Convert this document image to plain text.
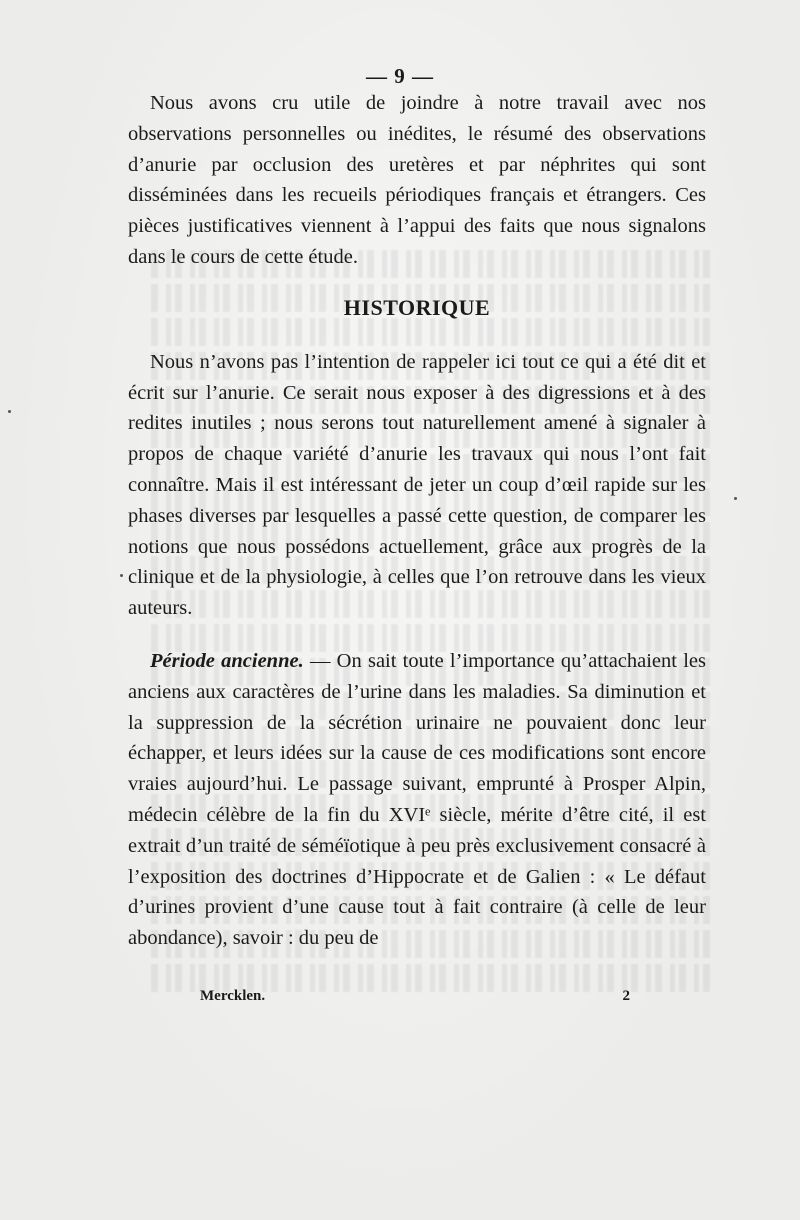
— 9 —

Nous avons cru utile de joindre à notre travail avec nos observations personnelles ou inédites, le résumé des observations d’anurie par occlusion des uretères et par néphrites qui sont disséminées dans les recueils périodiques français et étrangers. Ces pièces justificatives viennent à l’appui des faits que nous signalons dans le cours de cette étude.

HISTORIQUE

Nous n’avons pas l’intention de rappeler ici tout ce qui a été dit et écrit sur l’anurie. Ce serait nous exposer à des digressions et à des redites inutiles ; nous serons tout naturellement amené à signaler à propos de chaque variété d’anurie les travaux qui nous l’ont fait connaître. Mais il est intéressant de jeter un coup d’œil rapide sur les phases diverses par lesquelles a passé cette question, de comparer les notions que nous possédons actuellement, grâce aux progrès de la clinique et de la physiologie, à celles que l’on retrouve dans les vieux auteurs.

Période ancienne. — On sait toute l’importance qu’attachaient les anciens aux caractères de l’urine dans les maladies. Sa diminution et la suppression de la sécrétion urinaire ne pouvaient donc leur échapper, et leurs idées sur la cause de ces modifications sont encore vraies aujourd’hui. Le passage suivant, emprunté à Prosper Alpin, médecin célèbre de la fin du XVIᵉ siècle, mérite d’être cité, il est extrait d’un traité de séméïotique à peu près exclusivement consacré à l’exposition des doctrines d’Hippocrate et de Galien : « Le défaut d’urines provient d’une cause tout à fait contraire (à celle de leur abondance), savoir : du peu de

Mercklen.	2
